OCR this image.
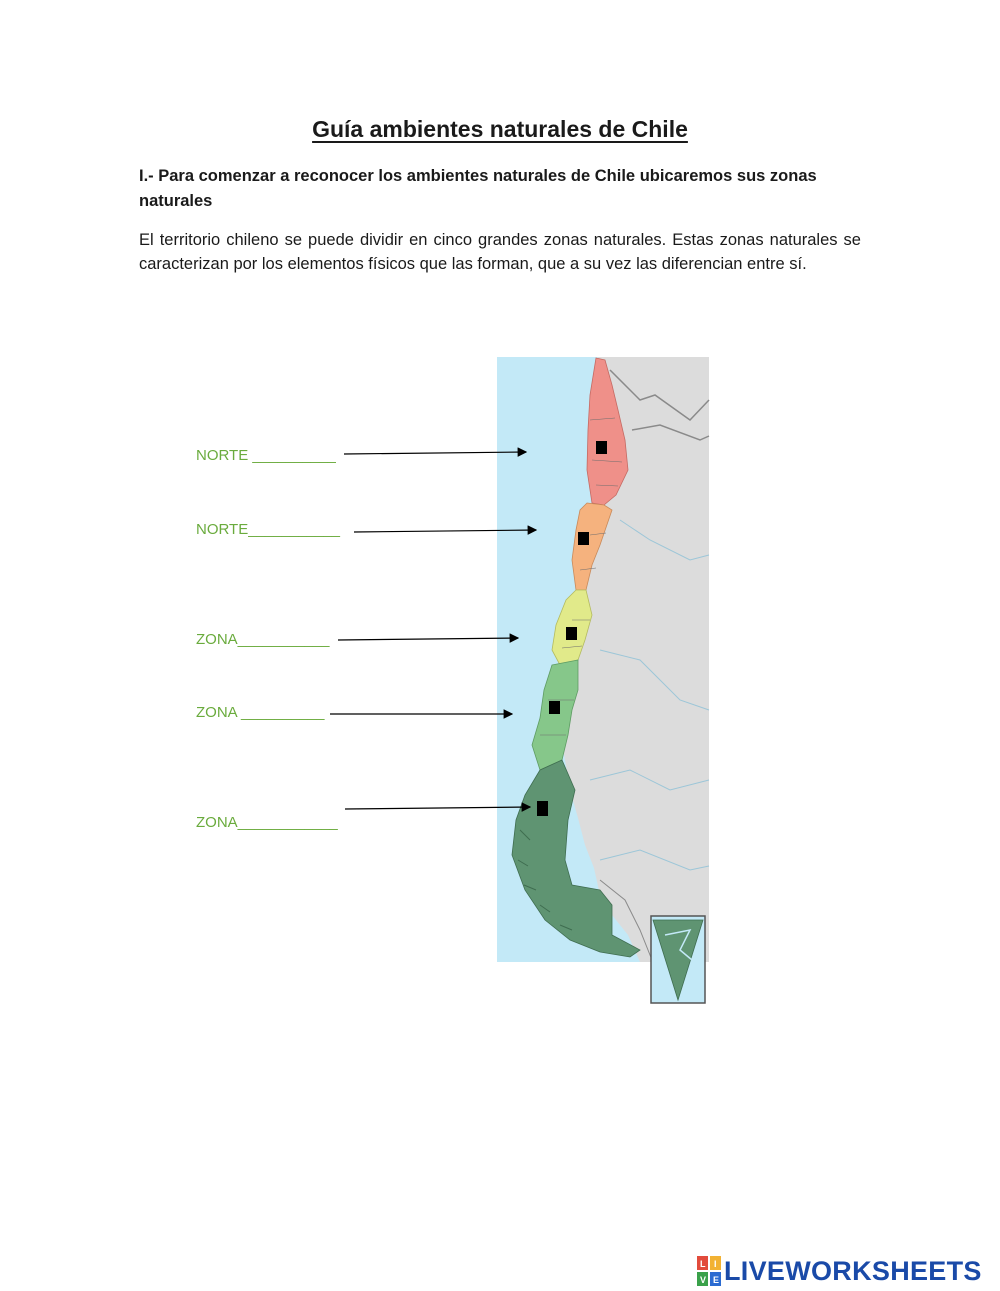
Guía ambientes naturales de Chile
I.- Para comenzar a reconocer los ambientes naturales de Chile ubicaremos sus zonas naturales
El territorio chileno se puede dividir en cinco grandes zonas naturales. Estas zonas naturales se caracterizan por los elementos físicos que las forman, que a su vez las diferencian entre sí.
NORTE __________
NORTE___________
ZONA___________
ZONA __________
ZONA____________
L I
V E LIVEWORKSHEETS
